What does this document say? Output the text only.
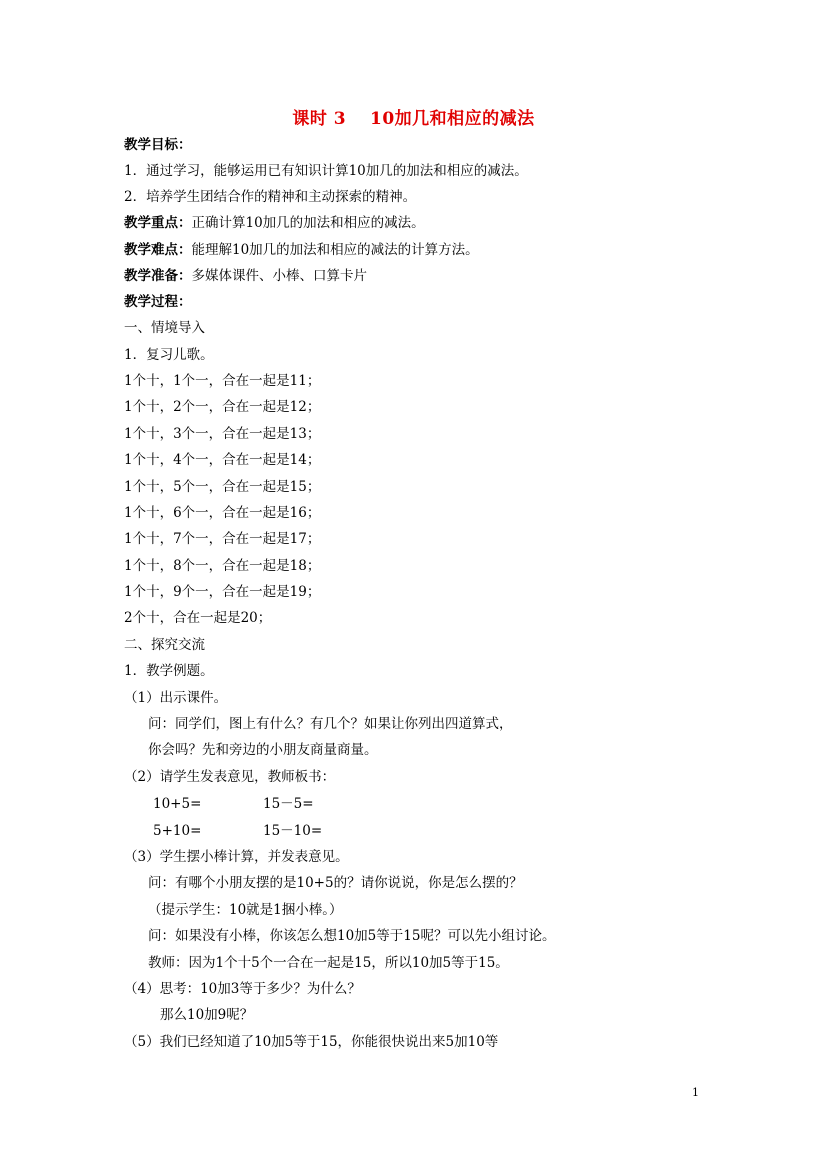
课时 3　 10加几和相应的减法
教学目标：
1．通过学习，能够运用已有知识计算10加几的加法和相应的减法。
2．培养学生团结合作的精神和主动探索的精神。
教学重点：正确计算10加几的加法和相应的减法。
教学难点：能理解10加几的加法和相应的减法的计算方法。
教学准备：多媒体课件、小棒、口算卡片
教学过程：
一、情境导入
1．复习儿歌。
1个十，1个一，合在一起是11；
1个十，2个一，合在一起是12；
1个十，3个一，合在一起是13；
1个十，4个一，合在一起是14；
1个十，5个一，合在一起是15；
1个十，6个一，合在一起是16；
1个十，7个一，合在一起是17；
1个十，8个一，合在一起是18；
1个十，9个一，合在一起是19；
2个十，合在一起是20；
二、探究交流
1．教学例题。
（1）出示课件。
问：同学们，图上有什么？有几个？如果让你列出四道算式，
你会吗？先和旁边的小朋友商量商量。
（2）请学生发表意见，教师板书：
10+5=	15－5=
5+10=	15－10=
（3）学生摆小棒计算，并发表意见。
问：有哪个小朋友摆的是10+5的？请你说说，你是怎么摆的？
（提示学生：10就是1捆小棒。）
问：如果没有小棒，你该怎么想10加5等于15呢？可以先小组讨论。
教师：因为1个十5个一合在一起是15，所以10加5等于15。
（4）思考：10加3等于多少？为什么？
那么10加9呢？
（5）我们已经知道了10加5等于15，你能很快说出来5加10等
1
